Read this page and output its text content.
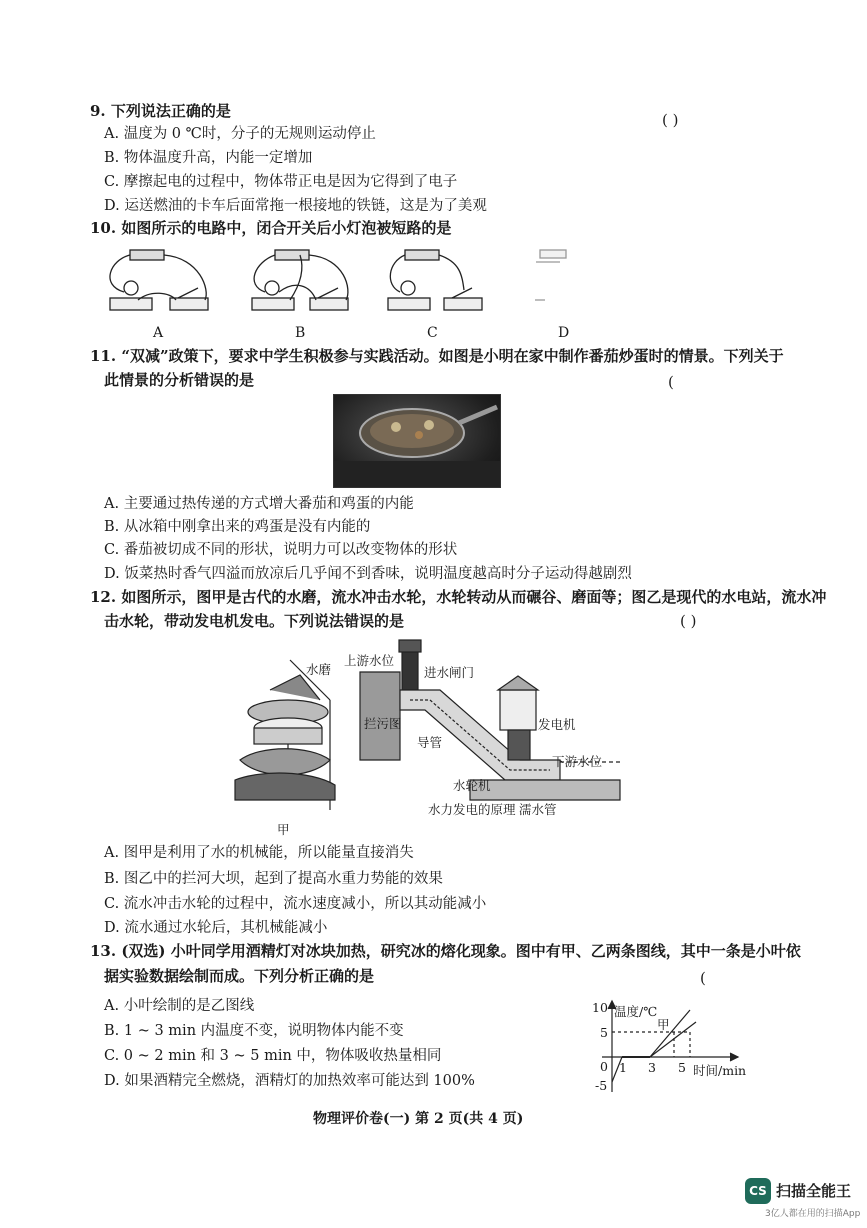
9. 下列说法正确的是	( )
A. 温度为 0 ℃时，分子的无规则运动停止
B. 物体温度升高，内能一定增加
C. 摩擦起电的过程中，物体带正电是因为它得到了电子
D. 运送燃油的卡车后面常拖一根接地的铁链，这是为了美观
10. 如图所示的电路中，闭合开关后小灯泡被短路的是
A	B	C	D
11. “双减”政策下，要求中学生积极参与实践活动。如图是小明在家中制作番茄炒蛋时的情景。下列关于
此情景的分析错误的是	(
A. 主要通过热传递的方式增大番茄和鸡蛋的内能
B. 从冰箱中刚拿出来的鸡蛋是没有内能的
C. 番茄被切成不同的形状，说明力可以改变物体的形状
D. 饭菜热时香气四溢而放凉后几乎闻不到香味，说明温度越高时分子运动得越剧烈
12. 如图所示，图甲是古代的水磨，流水冲击水轮，水轮转动从而碾谷、磨面等；图乙是现代的水电站，流水冲
击水轮，带动发电机发电。下列说法错误的是	( )
水磨
上游水位
进水闸门
拦污图
导管
发电机
下游水位
水轮机
水力发电的原理 濡水管
甲
A. 图甲是利用了水的机械能，所以能量直接消失
B. 图乙中的拦河大坝，起到了提高水重力势能的效果
C. 流水冲击水轮的过程中，流水速度减小，所以其动能减小
D. 流水通过水轮后，其机械能减小
13. (双选) 小叶同学用酒精灯对冰块加热，研究冰的熔化现象。图中有甲、乙两条图线，其中一条是小叶依
据实验数据绘制而成。下列分析正确的是	(
A. 小叶绘制的是乙图线
B. 1 ~ 3 min 内温度不变，说明物体内能不变
C. 0 ~ 2 min 和 3 ~ 5 min 中，物体吸收热量相同
D. 如果酒精完全燃烧，酒精灯的加热效率可能达到 100%
温度/℃
时间/min
甲
10
5
0
-5
1 3 5
物理评价卷(一) 第 2 页(共 4 页)
CS 扫描全能王
3亿人都在用的扫描App
